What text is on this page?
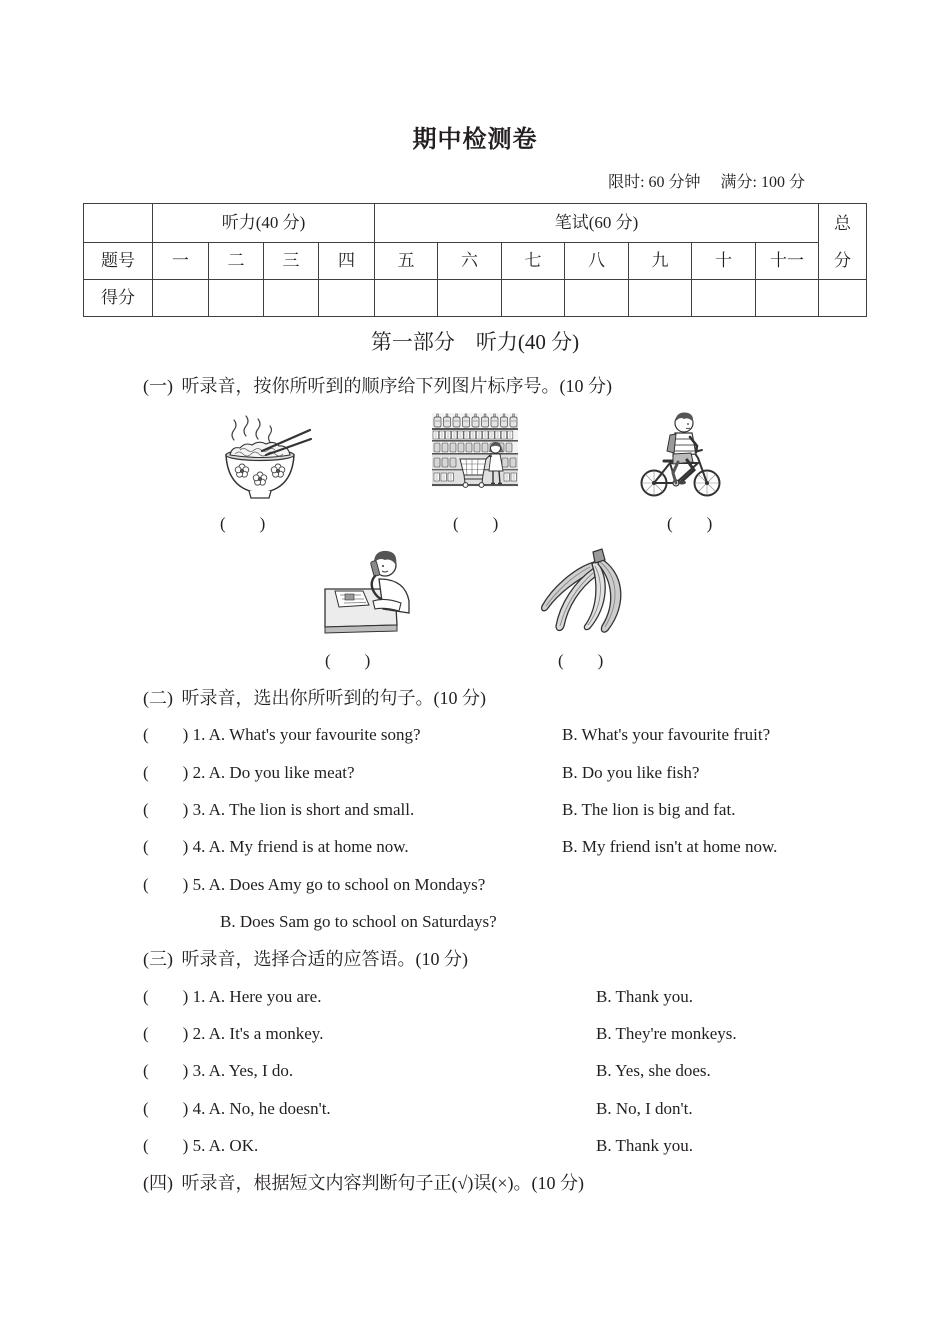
期中检测卷
限时: 60 分钟 满分: 100 分
	听力(40 分)				笔试(60 分)							总分

题号	一	二	三	四	五	六	七	八	九	十	十一	
得分												
第一部分　听力(40 分)
(一) 听录音，按你所听到的顺序给下列图片标序号。(10 分)
(　　)	(　　)	(　　)
(　　)	(　　)
(二) 听录音，选出你所听到的句子。(10 分)
(　　) 1. A. What's your favourite song?	B. What's your favourite fruit?
(　　) 2. A. Do you like meat?	B. Do you like fish?
(　　) 3. A. The lion is short and small.	B. The lion is big and fat.
(　　) 4. A. My friend is at home now.	B. My friend isn't at home now.
(　　) 5. A. Does Amy go to school on Mondays?
B. Does Sam go to school on Saturdays?
(三) 听录音，选择合适的应答语。(10 分)
(　　) 1. A. Here you are.	B. Thank you.
(　　) 2. A. It's a monkey.	B. They're monkeys.
(　　) 3. A. Yes, I do.	B. Yes, she does.
(　　) 4. A. No, he doesn't.	B. No, I don't.
(　　) 5. A. OK.	B. Thank you.
(四) 听录音，根据短文内容判断句子正(√)误(×)。(10 分)
